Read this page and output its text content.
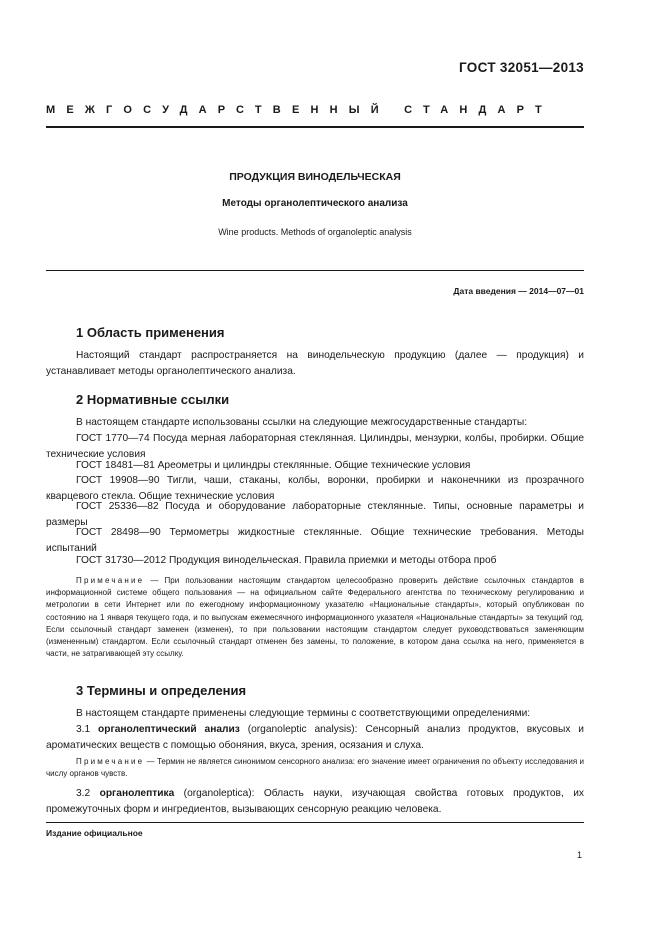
ГОСТ 32051—2013
МЕЖГОСУДАРСТВЕННЫЙ СТАНДАРТ
ПРОДУКЦИЯ ВИНОДЕЛЬЧЕСКАЯ
Методы органолептического анализа
Wine products. Methods of organoleptic analysis
Дата введения — 2014—07—01
1 Область применения

Настоящий стандарт распространяется на винодельческую продукцию (далее — продукция) и устанавливает методы органолептического анализа.

2 Нормативные ссылки

В настоящем стандарте использованы ссылки на следующие межгосударственные стандарты:

ГОСТ 1770—74 Посуда мерная лабораторная стеклянная. Цилиндры, мензурки, колбы, пробирки. Общие технические условия

ГОСТ 18481—81 Ареометры и цилиндры стеклянные. Общие технические условия

ГОСТ 19908—90 Тигли, чаши, стаканы, колбы, воронки, пробирки и наконечники из прозрачного кварцевого стекла. Общие технические условия

ГОСТ 25336—82 Посуда и оборудование лабораторные стеклянные. Типы, основные параметры и размеры

ГОСТ 28498—90 Термометры жидкостные стеклянные. Общие технические требования. Методы испытаний

ГОСТ 31730—2012 Продукция винодельческая. Правила приемки и методы отбора проб

Примечание — При пользовании настоящим стандартом целесообразно проверить действие ссылочных стандартов в информационной системе общего пользования — на официальном сайте Федерального агентства по техническому регулированию и метрологии в сети Интернет или по ежегодному информационному указателю «Национальные стандарты», который опубликован по состоянию на 1 января текущего года, и по выпускам ежемесячного информационного указателя «Национальные стандарты» за текущий год. Если ссылочный стандарт заменен (изменен), то при пользовании настоящим стандартом следует руководствоваться заменяющим (измененным) стандартом. Если ссылочный стандарт отменен без замены, то положение, в котором дана ссылка на него, применяется в части, не затрагивающей эту ссылку.

3 Термины и определения

В настоящем стандарте применены следующие термины с соответствующими определениями:

3.1 органолептический анализ (organoleptic analysis): Сенсорный анализ продуктов, вкусовых и ароматических веществ с помощью обоняния, вкуса, зрения, осязания и слуха.

Примечание — Термин не является синонимом сенсорного анализа: его значение имеет ограничения по объекту исследования и числу органов чувств.

3.2 органолептика (organoleptica): Область науки, изучающая свойства готовых продуктов, их промежуточных форм и ингредиентов, вызывающих сенсорную реакцию человека.

Издание официальное
1
